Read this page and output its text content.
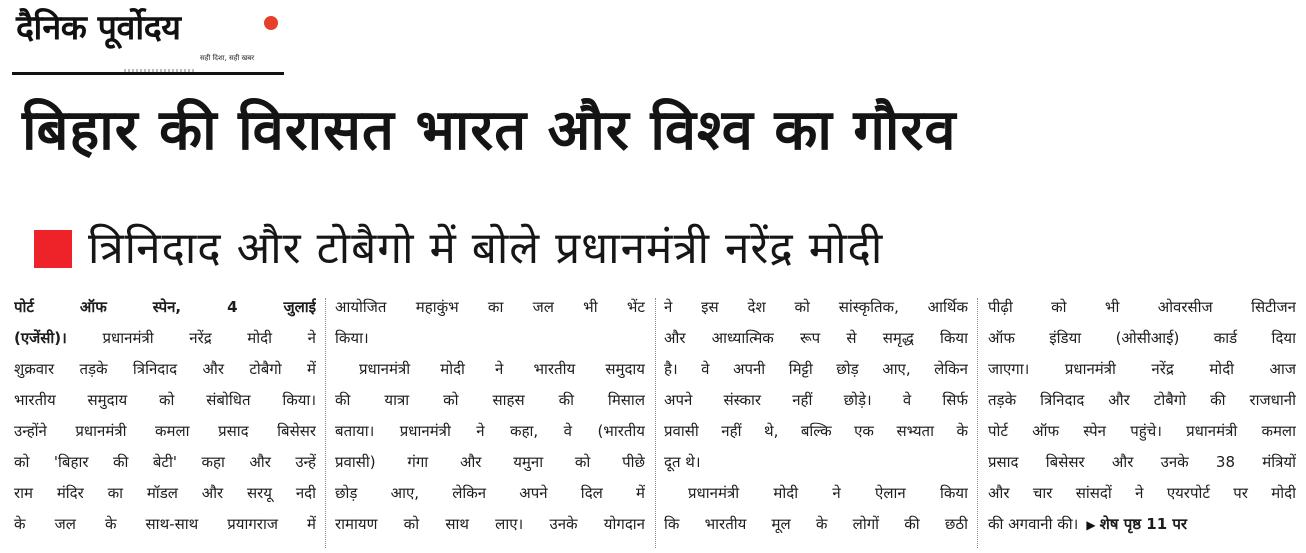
दैनिक पूर्वोदय
सही दिशा, सही खबर
बिहार की विरासत भारत और विश्व का गौरव
त्रिनिदाद और टोबैगो में बोले प्रधानमंत्री नरेंद्र मोदी
पोर्ट ऑफ स्पेन, 4 जुलाई
(एजेंसी)। प्रधानमंत्री नरेंद्र मोदी ने
शुक्रवार तड़के त्रिनिदाद और टोबैगो में
भारतीय समुदाय को संबोधित किया।
उन्होंने प्रधानमंत्री कमला प्रसाद बिसेसर
को 'बिहार की बेटी' कहा और उन्हें
राम मंदिर का मॉडल और सरयू नदी
के जल के साथ-साथ प्रयागराज में
आयोजित महाकुंभ का जल भी भेंट
किया।
प्रधानमंत्री मोदी ने भारतीय समुदाय
की यात्रा को साहस की मिसाल
बताया। प्रधानमंत्री ने कहा, वे (भारतीय
प्रवासी) गंगा और यमुना को पीछे
छोड़ आए, लेकिन अपने दिल में
रामायण को साथ लाए। उनके योगदान
ने इस देश को सांस्कृतिक, आर्थिक
और आध्यात्मिक रूप से समृद्ध किया
है। वे अपनी मिट्टी छोड़ आए, लेकिन
अपने संस्कार नहीं छोड़े। वे सिर्फ
प्रवासी नहीं थे, बल्कि एक सभ्यता के
दूत थे।
प्रधानमंत्री मोदी ने ऐलान किया
कि भारतीय मूल के लोगों की छठी
पीढ़ी को भी ओवरसीज सिटीजन
ऑफ इंडिया (ओसीआई) कार्ड दिया
जाएगा। प्रधानमंत्री नरेंद्र मोदी आज
तड़के त्रिनिदाद और टोबैगो की राजधानी
पोर्ट ऑफ स्पेन पहुंचे। प्रधानमंत्री कमला
प्रसाद बिसेसर और उनके 38 मंत्रियों
और चार सांसदों ने एयरपोर्ट पर मोदी
की अगवानी की। ▶ शेष पृष्ठ 11 पर
